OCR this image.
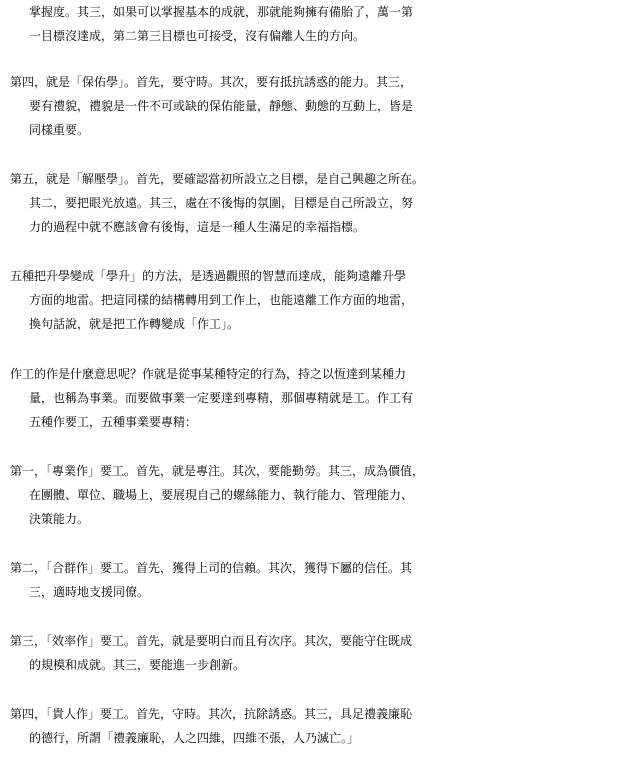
掌握度。其三，如果可以掌握基本的成就，那就能夠擁有備胎了，萬一第
一目標沒達成，第二第三目標也可接受，沒有偏離人生的方向。
第四，就是「保佑學」。首先，要守時。其次，要有抵抗誘惑的能力。其三，
要有禮貌，禮貌是一件不可或缺的保佑能量，靜態、動態的互動上，皆是
同樣重要。
第五，就是「解壓學」。首先，要確認當初所設立之目標，是自己興趣之所在。
其二，要把眼光放遠。其三，處在不後悔的氛圍，目標是自己所設立，努
力的過程中就不應該會有後悔，這是一種人生滿足的幸福指標。
五種把升學變成「學升」的方法，是透過觀照的智慧而達成，能夠遠離升學
方面的地雷。把這同樣的結構轉用到工作上，也能遠離工作方面的地雷，
換句話說，就是把工作轉變成「作工」。
作工的作是什麼意思呢？作就是從事某種特定的行為，持之以恆達到某種力
量，也稱為事業。而要做事業一定要達到專精，那個專精就是工。作工有
五種作要工，五種事業要專精：
第一，「專業作」要工。首先，就是專注。其次，要能勤勞。其三，成為價值，
在團體、單位、職場上，要展現自己的螺絲能力、執行能力、管理能力、
決策能力。
第二，「合群作」要工。首先，獲得上司的信賴。其次，獲得下屬的信任。其
三，適時地支援同僚。
第三，「效率作」要工。首先，就是要明白而且有次序。其次，要能守住既成
的規模和成就。其三，要能進一步創新。
第四，「貴人作」要工。首先，守時。其次，抗除誘惑。其三，具足禮義廉恥
的德行，所謂「禮義廉恥，人之四維，四維不張，人乃滅亡。」
